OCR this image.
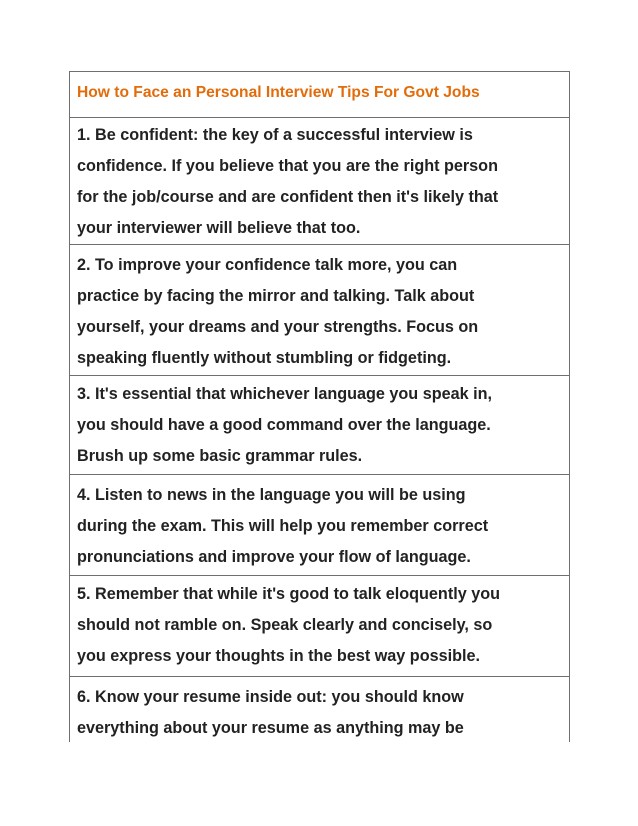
How to Face an Personal Interview Tips For Govt Jobs
1. Be confident: the key of a successful interview is
confidence. If you believe that you are the right person
for the job/course and are confident then it's likely that
your interviewer will believe that too.
2. To improve your confidence talk more, you can
practice by facing the mirror and talking. Talk about
yourself, your dreams and your strengths. Focus on
speaking fluently without stumbling or fidgeting.
3. It's essential that whichever language you speak in,
you should have a good command over the language.
Brush up some basic grammar rules.
4. Listen to news in the language you will be using
during the exam. This will help you remember correct
pronunciations and improve your flow of language.
5. Remember that while it's good to talk eloquently you
should not ramble on. Speak clearly and concisely, so
you express your thoughts in the best way possible.
6. Know your resume inside out: you should know
everything about your resume as anything may be
